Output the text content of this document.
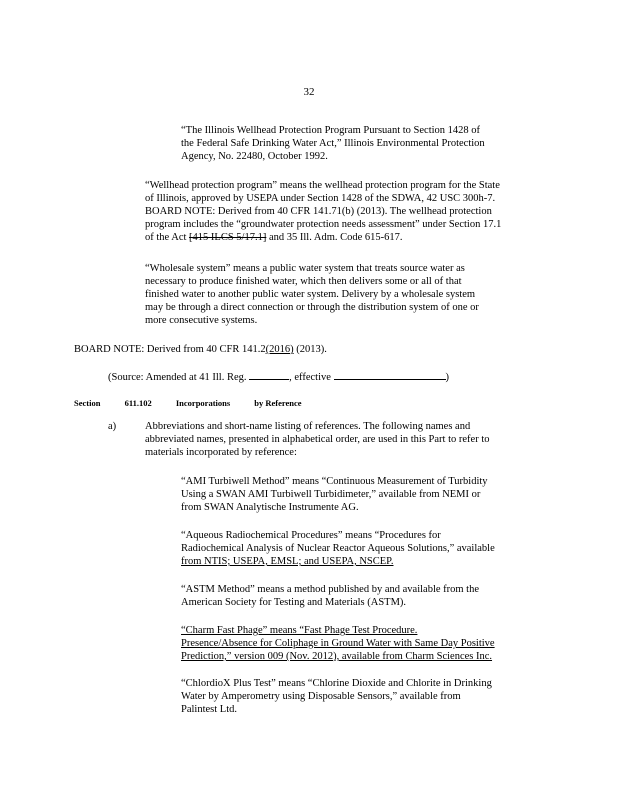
32
“The Illinois Wellhead Protection Program Pursuant to Section 1428 of
the Federal Safe Drinking Water Act,” Illinois Environmental Protection
Agency, No. 22480, October 1992.
“Wellhead protection program” means the wellhead protection program for the State
of Illinois, approved by USEPA under Section 1428 of the SDWA, 42 USC 300h-7.
BOARD NOTE: Derived from 40 CFR 141.71(b) (2013). The wellhead protection
program includes the “groundwater protection needs assessment” under Section 17.1
of the Act [415 ILCS 5/17.1] and 35 Ill. Adm. Code 615-617.
“Wholesale system” means a public water system that treats source water as
necessary to produce finished water, which then delivers some or all of that
finished water to another public water system. Delivery by a wholesale system
may be through a direct connection or through the distribution system of one or
more consecutive systems.
BOARD NOTE: Derived from 40 CFR 141.2(2016) (2013).
(Source: Amended at 41 Ill. Reg.	, effective	)
Section	611.102	Incorporations	by Reference
a)	Abbreviations and short-name listing of references. The following names and
abbreviated names, presented in alphabetical order, are used in this Part to refer to
materials incorporated by reference:
“AMI Turbiwell Method” means “Continuous Measurement of Turbidity
Using a SWAN AMI Turbiwell Turbidimeter,” available from NEMI or
from SWAN Analytische Instrumente AG.
“Aqueous Radiochemical Procedures” means “Procedures for
Radiochemical Analysis of Nuclear Reactor Aqueous Solutions,” available
from NTIS; USEPA, EMSL; and USEPA, NSCEP.
“ASTM Method” means a method published by and available from the
American Society for Testing and Materials (ASTM).
“Charm Fast Phage” means “Fast Phage Test Procedure.
Presence/Absence for Coliphage in Ground Water with Same Day Positive
Prediction,” version 009 (Nov. 2012), available from Charm Sciences Inc.
“ChlordioX Plus Test” means “Chlorine Dioxide and Chlorite in Drinking
Water by Amperometry using Disposable Sensors,” available from
Palintest Ltd.
